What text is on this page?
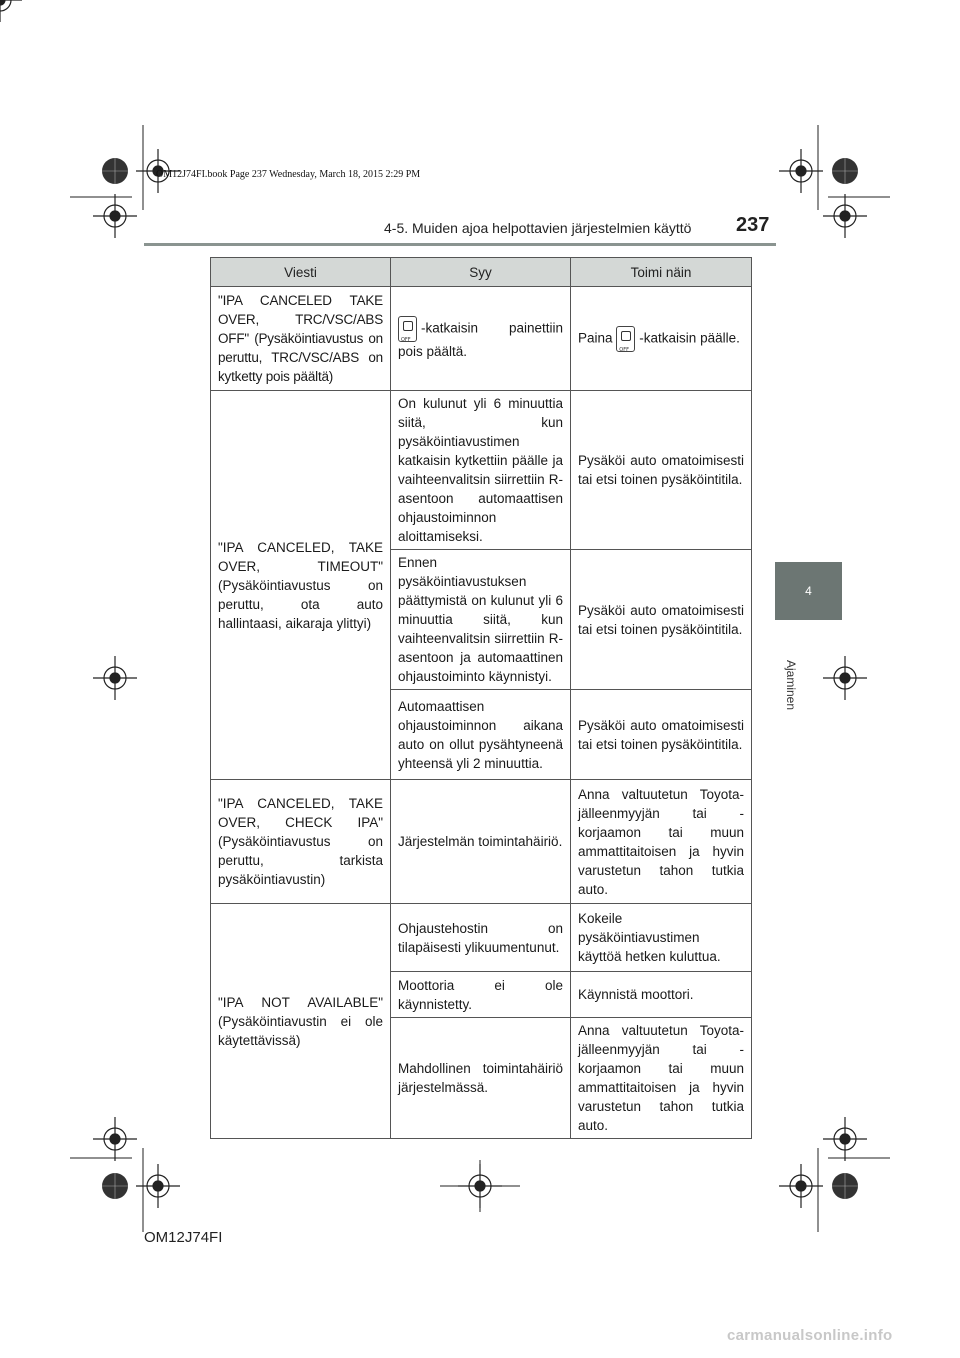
OM12J74FI.book Page 237 Wednesday, March 18, 2015 2:29 PM
4-5. Muiden ajoa helpottavien järjestelmien käyttö 237
4
Ajaminen
Viesti	Syy	Toimi näin
"IPA CANCELED TAKE OVER, TRC/VSC/ABS OFF" (Pysäköintiavustus on peruttu, TRC/VSC/ABS on kytketty pois päältä)	OFF-katkaisin painettiin pois päältä.	Paina OFF -katkaisin päälle.
"IPA CANCELED, TAKE OVER, TIMEOUT" (Pysäköintiavustus on peruttu, ota auto hallintaasi, aikaraja ylittyi)	On kulunut yli 6 minuuttia siitä, kun pysäköintiavustimen katkaisin kytkettiin päälle ja vaihteenvalitsin siirrettiin R-asentoon automaattisen ohjaustoiminnon aloittamiseksi.	Pysäköi auto omatoimisesti tai etsi toinen pysäköintitila.
	Ennen pysäköintiavustuksen päättymistä on kulunut yli 6 minuuttia siitä, kun vaihteenvalitsin siirrettiin R-asentoon ja automaattinen ohjaustoiminto käynnistyi.	Pysäköi auto omatoimisesti tai etsi toinen pysäköintitila.
	Automaattisen ohjaustoiminnon aikana auto on ollut pysähtyneenä yhteensä yli 2 minuuttia.	Pysäköi auto omatoimisesti tai etsi toinen pysäköintitila.
"IPA CANCELED, TAKE OVER, CHECK IPA" (Pysäköintiavustus on peruttu, tarkista pysäköintiavustin)	Järjestelmän toimintahäiriö.	Anna valtuutetun Toyota-jälleenmyyjän tai -korjaamon tai muun ammattitaitoisen ja hyvin varustetun tahon tutkia auto.
"IPA NOT AVAILABLE" (Pysäköintiavustin ei ole käytettävissä)	Ohjaustehostin on tilapäisesti ylikuumentunut.	Kokeile pysäköintiavustimen käyttöä hetken kuluttua.
	Moottoria ei ole käynnistetty.	Käynnistä moottori.
	Mahdollinen toimintahäiriö järjestelmässä.	Anna valtuutetun Toyota-jälleenmyyjän tai -korjaamon tai muun ammattitaitoisen ja hyvin varustetun tahon tutkia auto.
OM12J74FI
carmanualsonline.info
